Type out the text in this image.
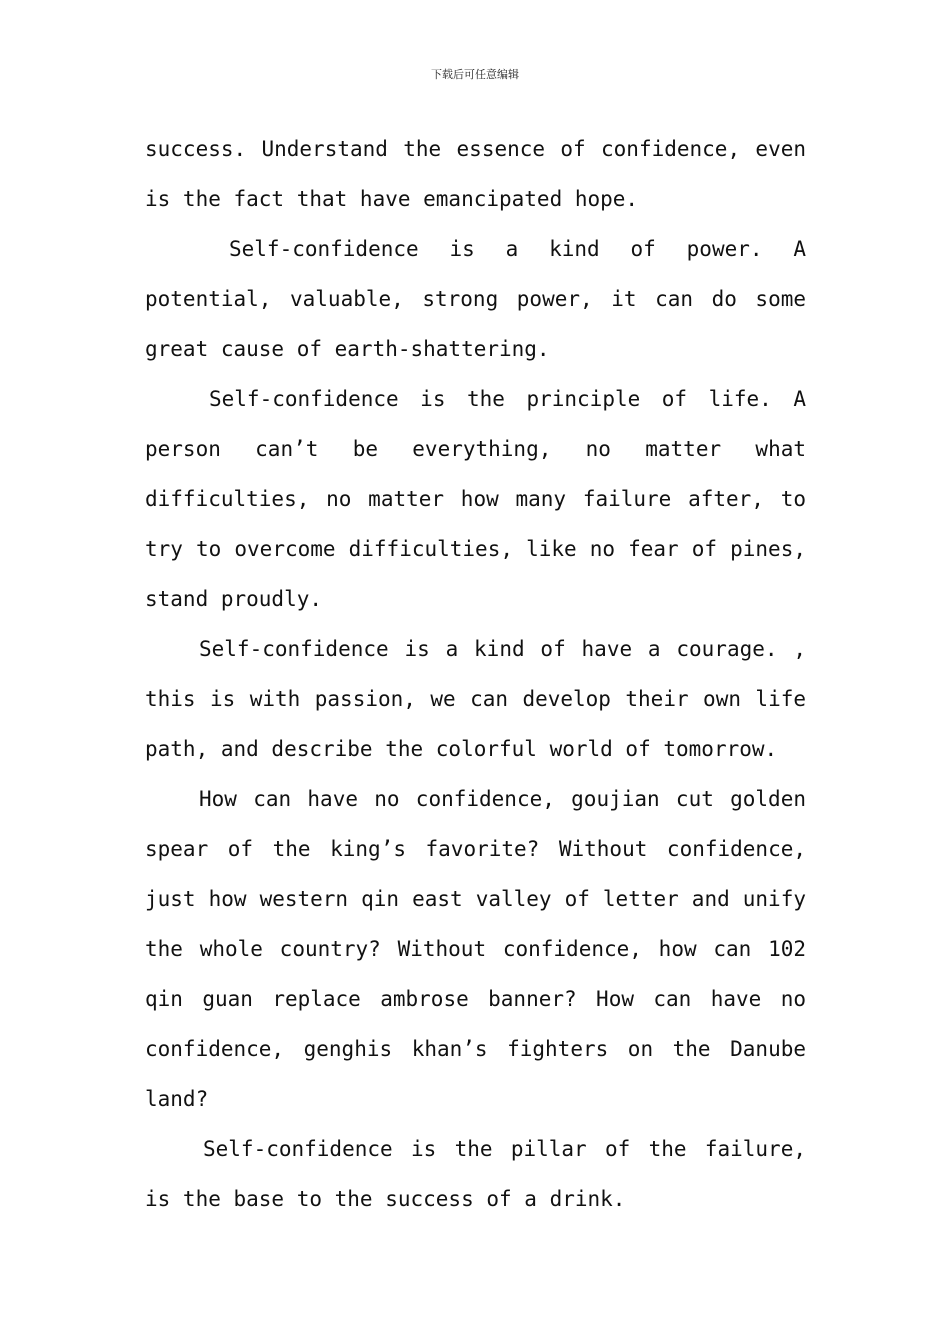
下载后可任意编辑

success. Understand the essence of confidence, even is the fact that have emancipated hope.

Self-confidence is a kind of power. A potential, valuable, strong power, it can do some great cause of earth-shattering.

Self-confidence is the principle of life. A person can’t be everything, no matter what difficulties, no matter how many failure after, to try to overcome difficulties, like no fear of pines, stand proudly.

Self-confidence is a kind of have a courage. , this is with passion, we can develop their own life path, and describe the colorful world of tomorrow.

How can have no confidence, goujian cut golden spear of the king’s favorite? Without confidence, just how western qin east valley of letter and unify the whole country? Without confidence, how can 102 qin guan replace ambrose banner? How can have no confidence, genghis khan’s fighters on the Danube land?

Self-confidence is the pillar of the failure, is the base to the success of a drink.
